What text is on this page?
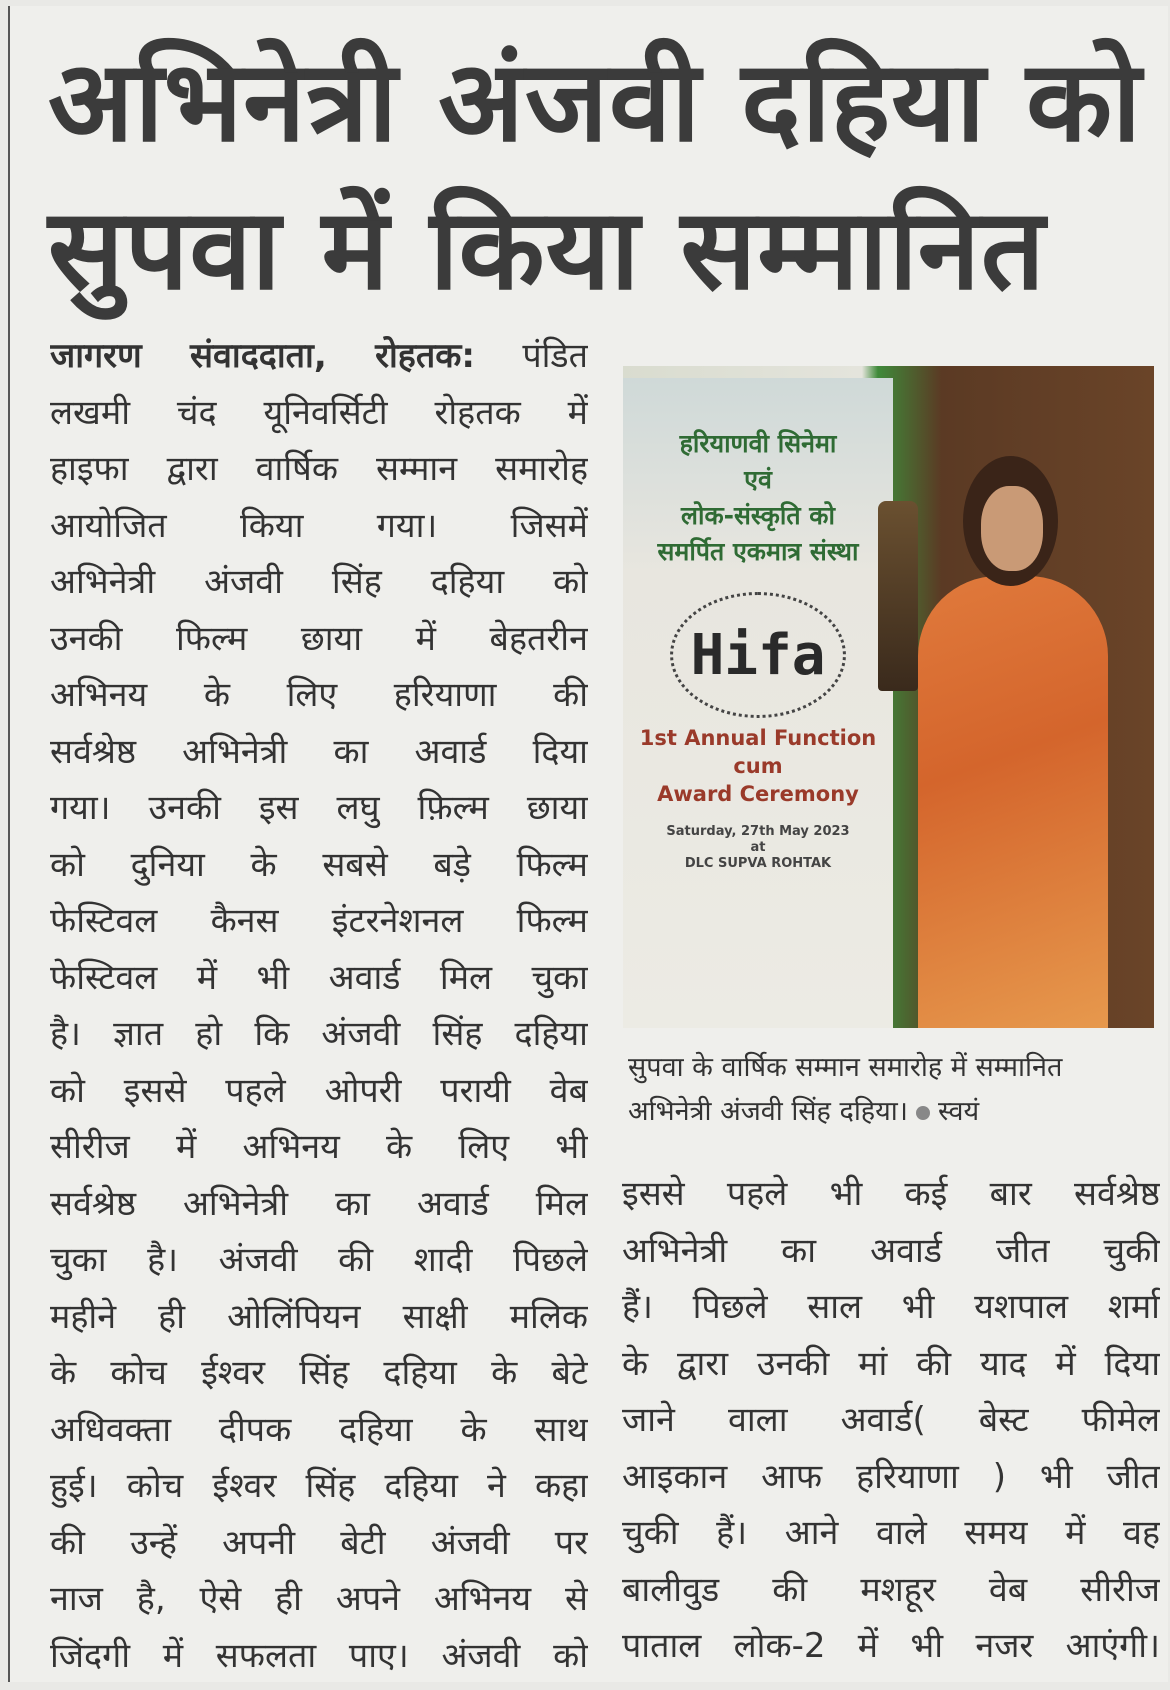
अभिनेत्री अंजवी दहिया को
सुपवा में किया सम्मानित
जागरण संवाददाता, रोहतक: पंडित
लखमी चंद यूनिवर्सिटी रोहतक में
हाइफा द्वारा वार्षिक सम्मान समारोह
आयोजित किया गया। जिसमें
अभिनेत्री अंजवी सिंह दहिया को
उनकी फिल्म छाया में बेहतरीन
अभिनय के लिए हरियाणा की
सर्वश्रेष्ठ अभिनेत्री का अवार्ड दिया
गया। उनकी इस लघु फ़िल्म छाया
को दुनिया के सबसे बड़े फिल्म
फेस्टिवल कैनस इंटरनेशनल फिल्म
फेस्टिवल में भी अवार्ड मिल चुका
है। ज्ञात हो कि अंजवी सिंह दहिया
को इससे पहले ओपरी परायी वेब
सीरीज में अभिनय के लिए भी
सर्वश्रेष्ठ अभिनेत्री का अवार्ड मिल
चुका है। अंजवी की शादी पिछले
महीने ही ओलिंपियन साक्षी मलिक
के कोच ईश्वर सिंह दहिया के बेटे
अधिवक्ता दीपक दहिया के साथ
हुई। कोच ईश्वर सिंह दहिया ने कहा
की उन्हें अपनी बेटी अंजवी पर
नाज है, ऐसे ही अपने अभिनय से
जिंदगी में सफलता पाए। अंजवी को
हरियाणवी सिनेमा
एवं
लोक-संस्कृति को
समर्पित एकमात्र संस्था
Hifa
1st Annual Function
cum
Award Ceremony
Saturday, 27th May 2023
at
DLC SUPVA ROHTAK
सुपवा के वार्षिक सम्मान समारोह में सम्मानित
अभिनेत्री अंजवी सिंह दहिया। स्वयं
इससे पहले भी कई बार सर्वश्रेष्ठ
अभिनेत्री का अवार्ड जीत चुकी
हैं। पिछले साल भी यशपाल शर्मा
के द्वारा उनकी मां की याद में दिया
जाने वाला अवार्ड( बेस्ट फीमेल
आइकान आफ हरियाणा ) भी जीत
चुकी हैं। आने वाले समय में वह
बालीवुड की मशहूर वेब सीरीज
पाताल लोक-2 में भी नजर आएंगी।
